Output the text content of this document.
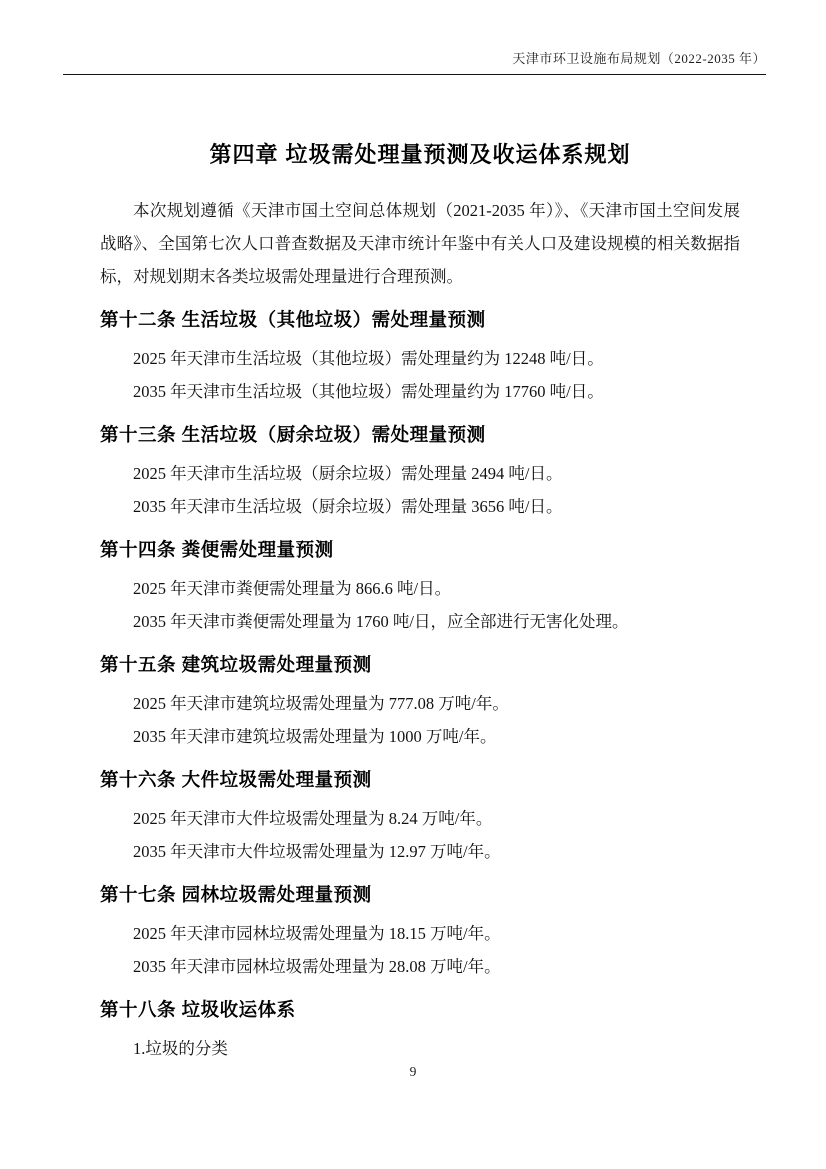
天津市环卫设施布局规划（2022-2035 年）
第四章 垃圾需处理量预测及收运体系规划

本次规划遵循《天津市国土空间总体规划（2021-2035 年）》、《天津市国土空间发展战略》、全国第七次人口普查数据及天津市统计年鉴中有关人口及建设规模的相关数据指标，对规划期末各类垃圾需处理量进行合理预测。

第十二条 生活垃圾（其他垃圾）需处理量预测

2025 年天津市生活垃圾（其他垃圾）需处理量约为 12248 吨/日。

2035 年天津市生活垃圾（其他垃圾）需处理量约为 17760 吨/日。

第十三条 生活垃圾（厨余垃圾）需处理量预测

2025 年天津市生活垃圾（厨余垃圾）需处理量 2494 吨/日。

2035 年天津市生活垃圾（厨余垃圾）需处理量 3656 吨/日。

第十四条 粪便需处理量预测

2025 年天津市粪便需处理量为 866.6 吨/日。

2035 年天津市粪便需处理量为 1760 吨/日，应全部进行无害化处理。

第十五条 建筑垃圾需处理量预测

2025 年天津市建筑垃圾需处理量为 777.08 万吨/年。

2035 年天津市建筑垃圾需处理量为 1000 万吨/年。

第十六条 大件垃圾需处理量预测

2025 年天津市大件垃圾需处理量为 8.24 万吨/年。

2035 年天津市大件垃圾需处理量为 12.97 万吨/年。

第十七条 园林垃圾需处理量预测

2025 年天津市园林垃圾需处理量为 18.15 万吨/年。

2035 年天津市园林垃圾需处理量为 28.08 万吨/年。

第十八条 垃圾收运体系

1.垃圾的分类

9
